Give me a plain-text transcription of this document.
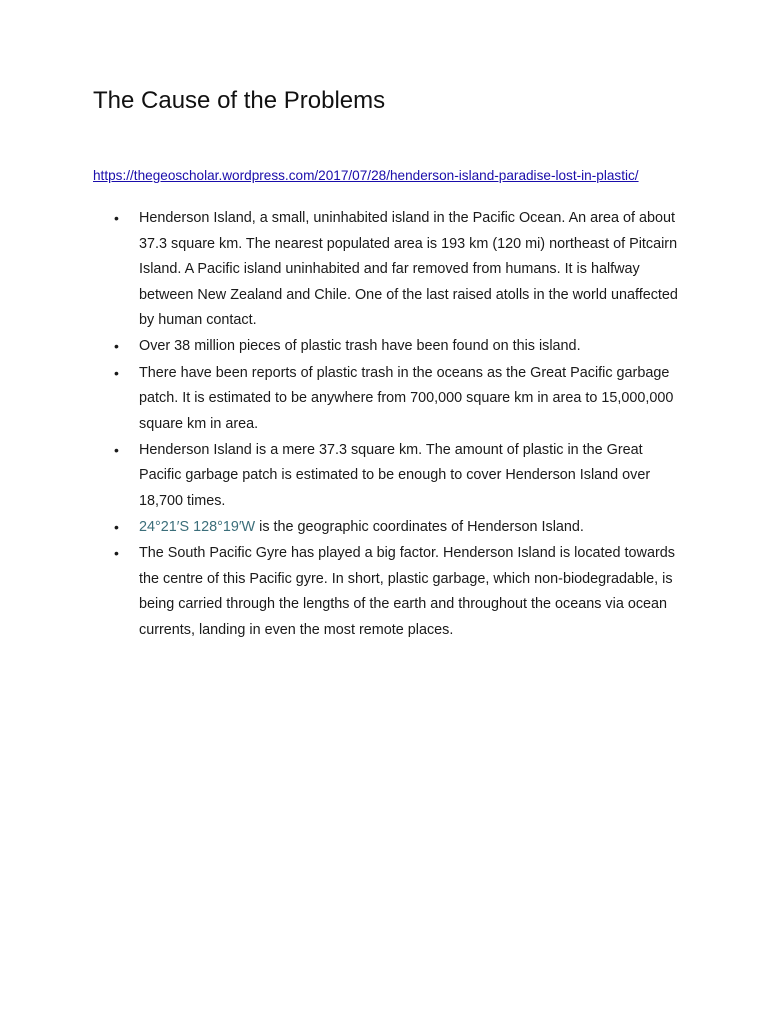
The Cause of the Problems
https://thegeoscholar.wordpress.com/2017/07/28/henderson-island-paradise-lost-in-plastic/
• Henderson Island, a small, uninhabited island in the Pacific Ocean. An area of about 37.3 square km. The nearest populated area is 193 km (120 mi) northeast of Pitcairn Island. A Pacific island uninhabited and far removed from humans. It is halfway between New Zealand and Chile. One of the last raised atolls in the world unaffected by human contact.
• Over 38 million pieces of plastic trash have been found on this island.
• There have been reports of plastic trash in the oceans as the Great Pacific garbage patch. It is estimated to be anywhere from 700,000 square km in area to 15,000,000 square km in area.
• Henderson Island is a mere 37.3 square km. The amount of plastic in the Great Pacific garbage patch is estimated to be enough to cover Henderson Island over 18,700 times.
• 24°21′S 128°19′W is the geographic coordinates of Henderson Island.
• The South Pacific Gyre has played a big factor. Henderson Island is located towards the centre of this Pacific gyre. In short, plastic garbage, which non-biodegradable, is being carried through the lengths of the earth and throughout the oceans via ocean currents, landing in even the most remote places.
